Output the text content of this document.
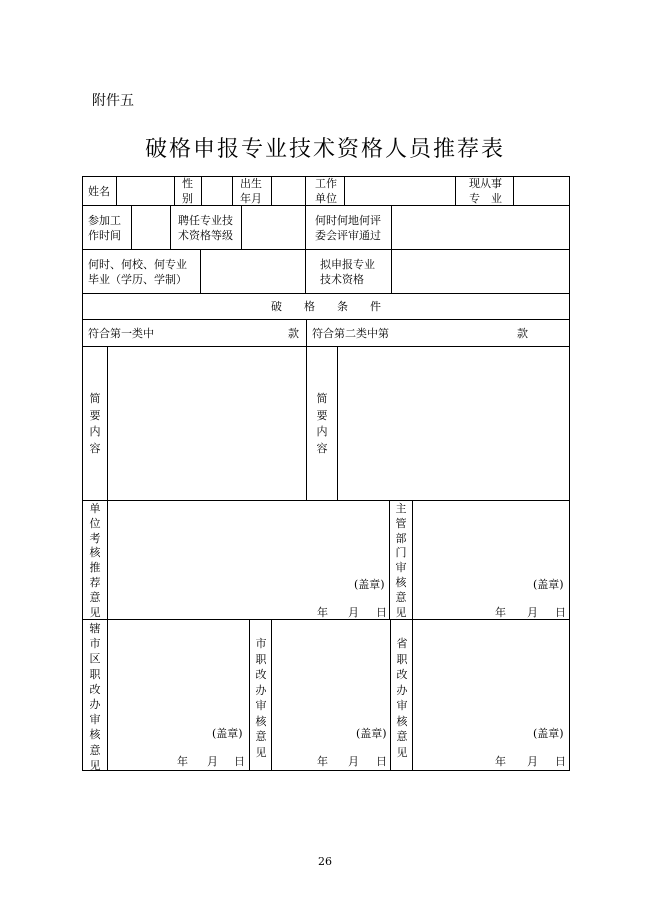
附件五
破格申报专业技术资格人员推荐表
姓名
性
别
出生
年月
工作
单位
现从事
专　业
参加工
作时间
聘任专业技
术资格等级
何时何地何评
委会评审通过
何时、何校、何专业
毕业（学历、学制）
拟申报专业
技术资格
破　　格　　条　　件
符合第一类中	款 符合第二类中第	款
简要内容
简要内容
单位考核推荐意见
(盖章)
年 月 日
主管部门审核意见
(盖章)
年 月 日
辖市区职改办审核意见
(盖章)
年 月 日
市职改办审核意见
(盖章)
年 月 日
省职改办审核意见
(盖章)
年 月 日
26
